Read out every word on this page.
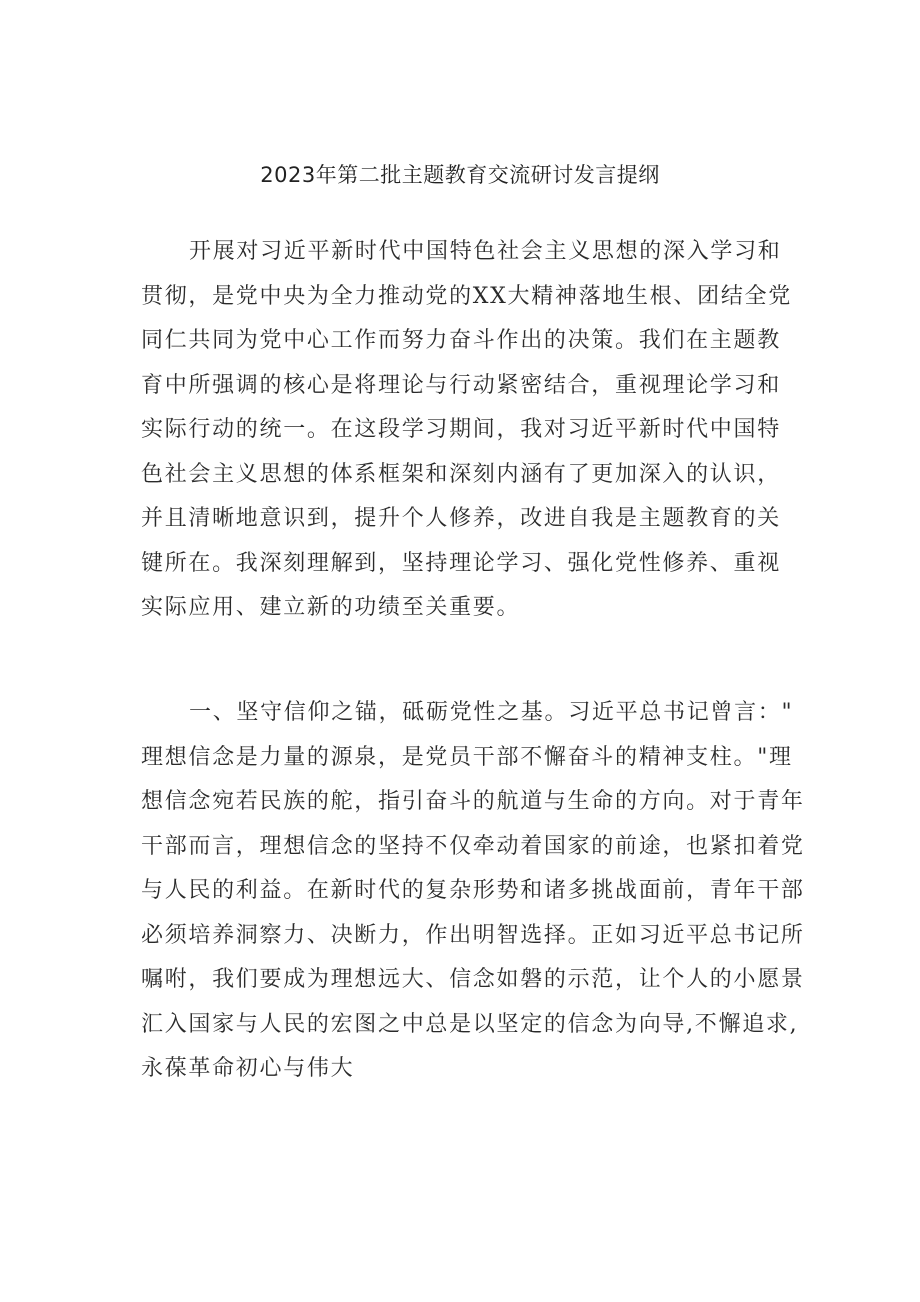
2023年第二批主题教育交流研讨发言提纲
开展对习近平新时代中国特色社会主义思想的深入学习和
贯彻，是党中央为全力推动党的XX大精神落地生根、团结全党
同仁共同为党中心工作而努力奋斗作出的决策。我们在主题教
育中所强调的核心是将理论与行动紧密结合，重视理论学习和
实际行动的统一。在这段学习期间，我对习近平新时代中国特
色社会主义思想的体系框架和深刻内涵有了更加深入的认识，
并且清晰地意识到，提升个人修养，改进自我是主题教育的关
键所在。我深刻理解到，坚持理论学习、强化党性修养、重视
实际应用、建立新的功绩至关重要。
一、坚守信仰之锚，砥砺党性之基。习近平总书记曾言："
理想信念是力量的源泉，是党员干部不懈奋斗的精神支柱。"理
想信念宛若民族的舵，指引奋斗的航道与生命的方向。对于青年
干部而言，理想信念的坚持不仅牵动着国家的前途，也紧扣着党
与人民的利益。在新时代的复杂形势和诸多挑战面前，青年干部
必须培养洞察力、决断力，作出明智选择。正如习近平总书记所
嘱咐，我们要成为理想远大、信念如磐的示范，让个人的小愿景
汇入国家与人民的宏图之中总是以坚定的信念为向导,不懈追求,
永葆革命初心与伟大
